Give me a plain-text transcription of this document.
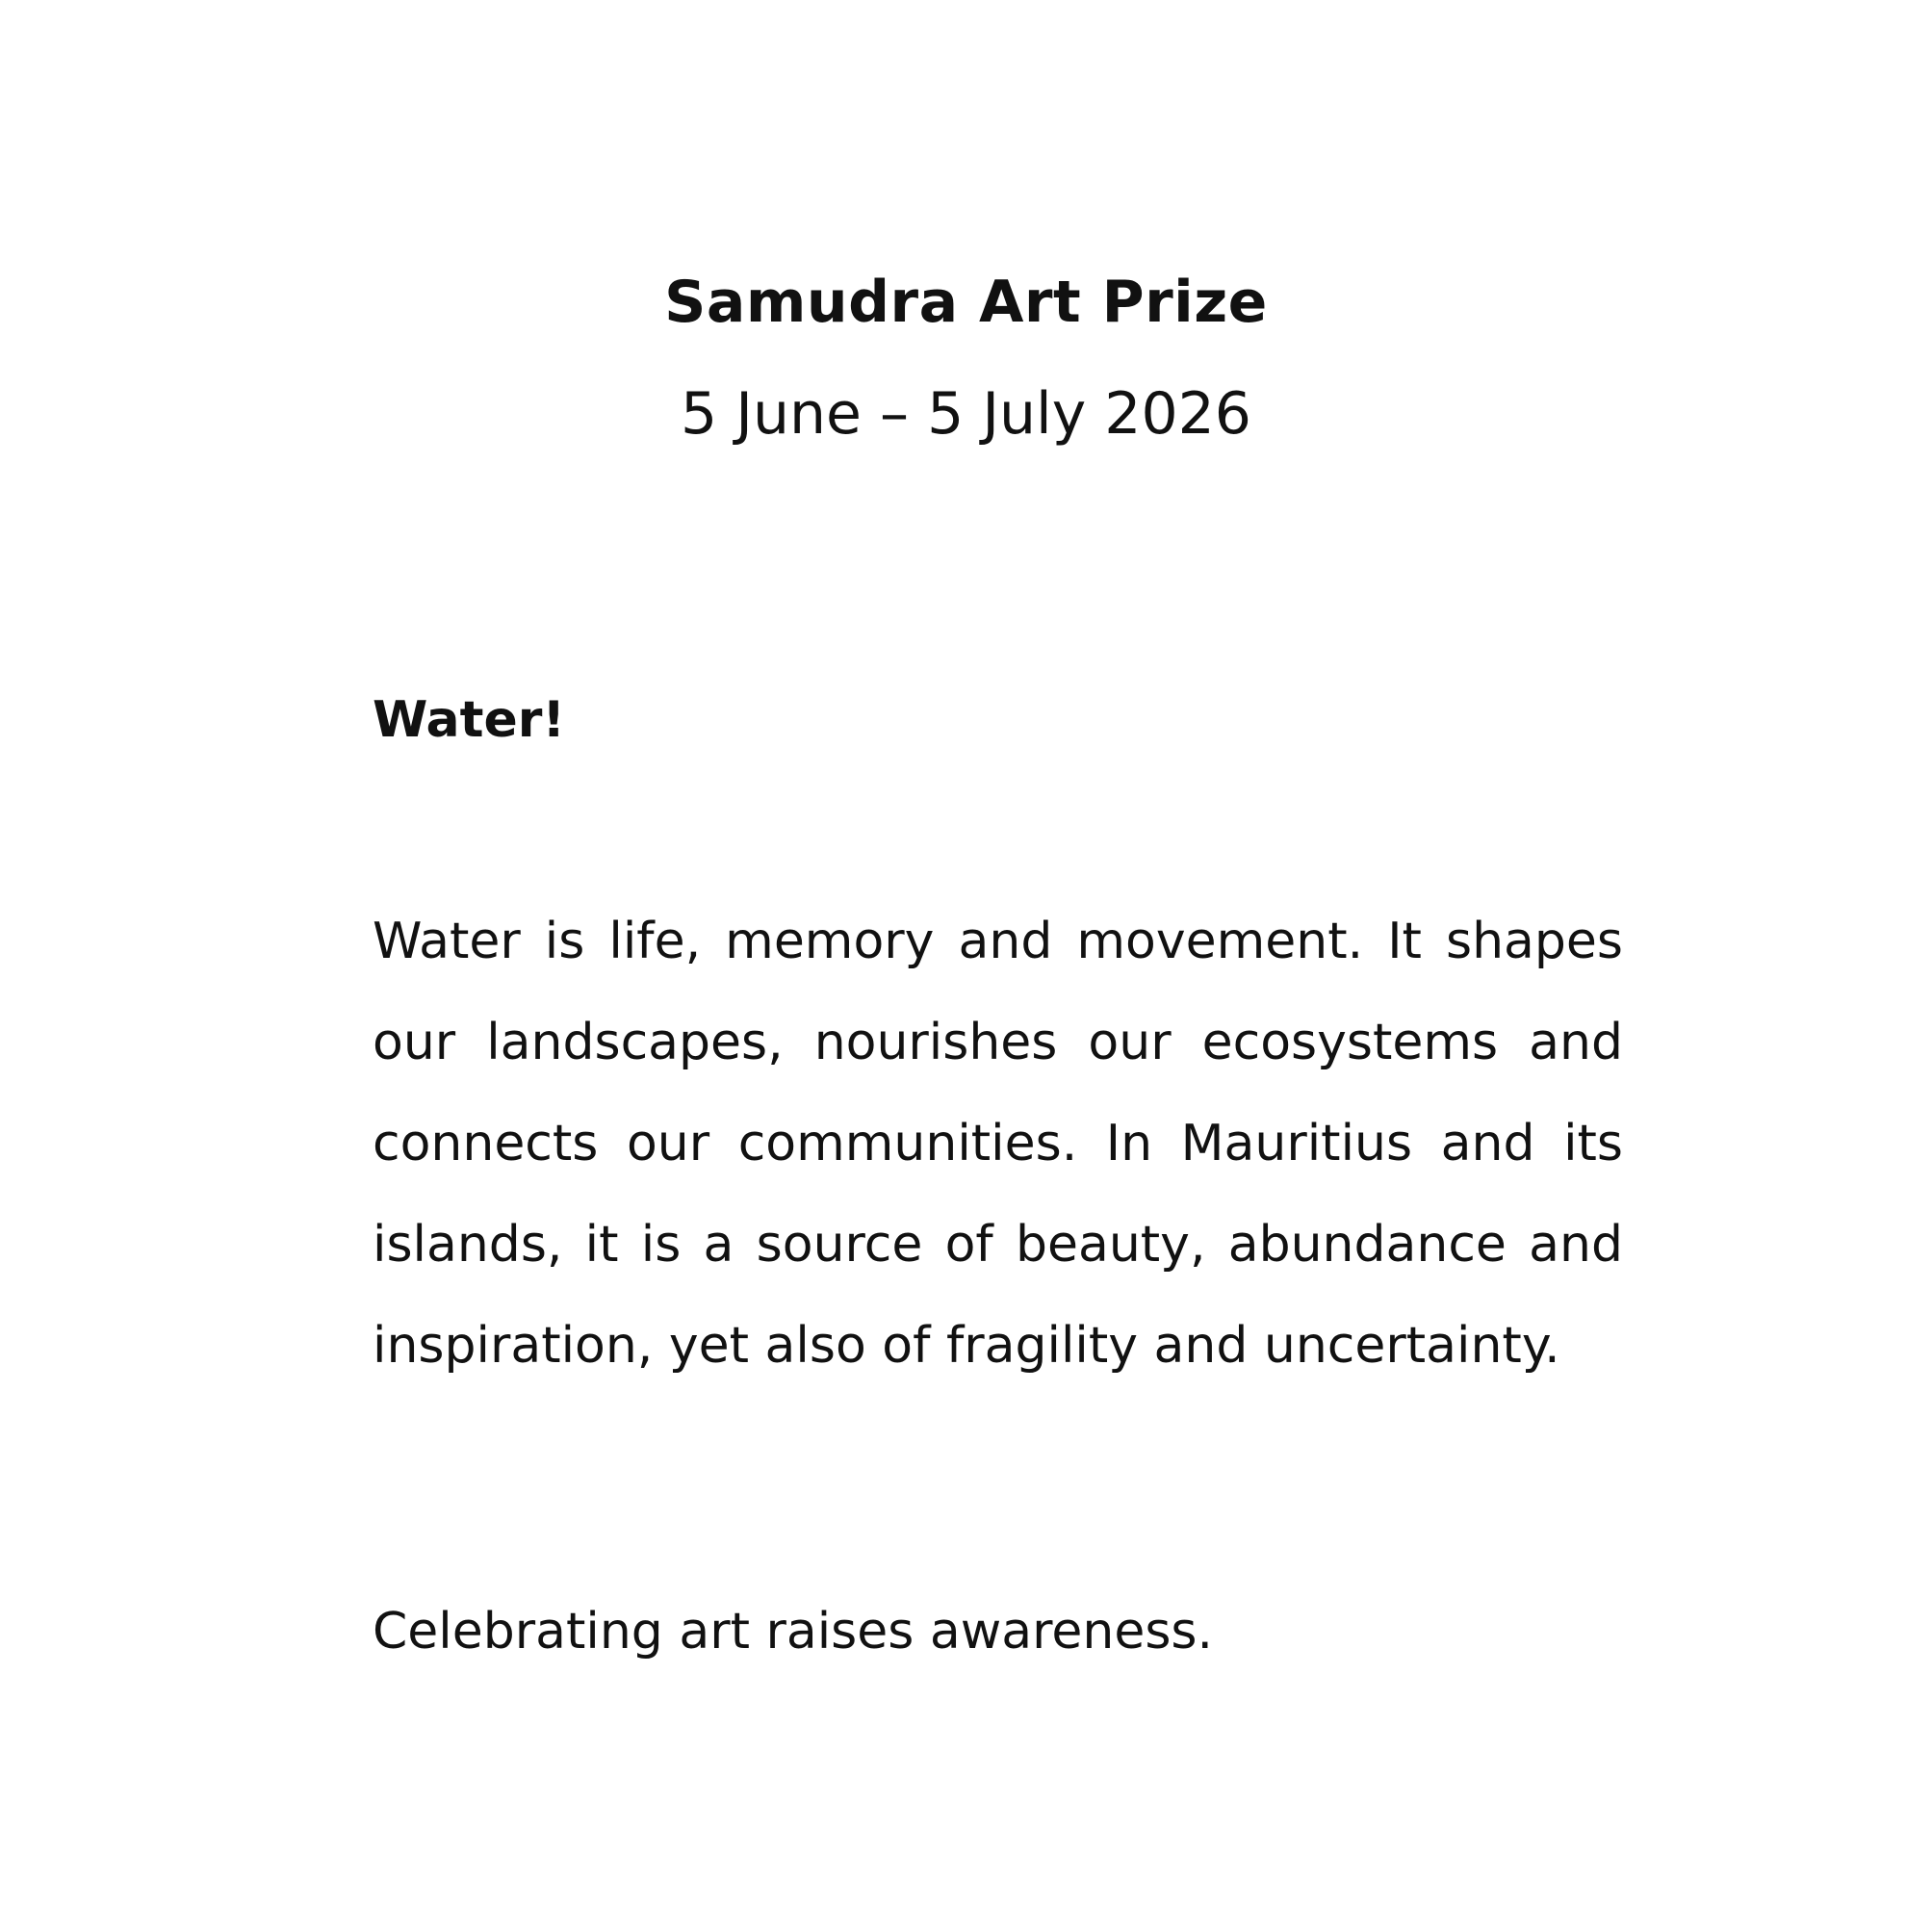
Samudra Art Prize
5 June – 5 July 2026
Water!

Water is life, memory and movement. It shapes our landscapes, nourishes our ecosystems and connects our communities. In Mauritius and its islands, it is a source of beauty, abundance and inspiration, yet also of fragility and uncertainty.

Celebrating art raises awareness.
